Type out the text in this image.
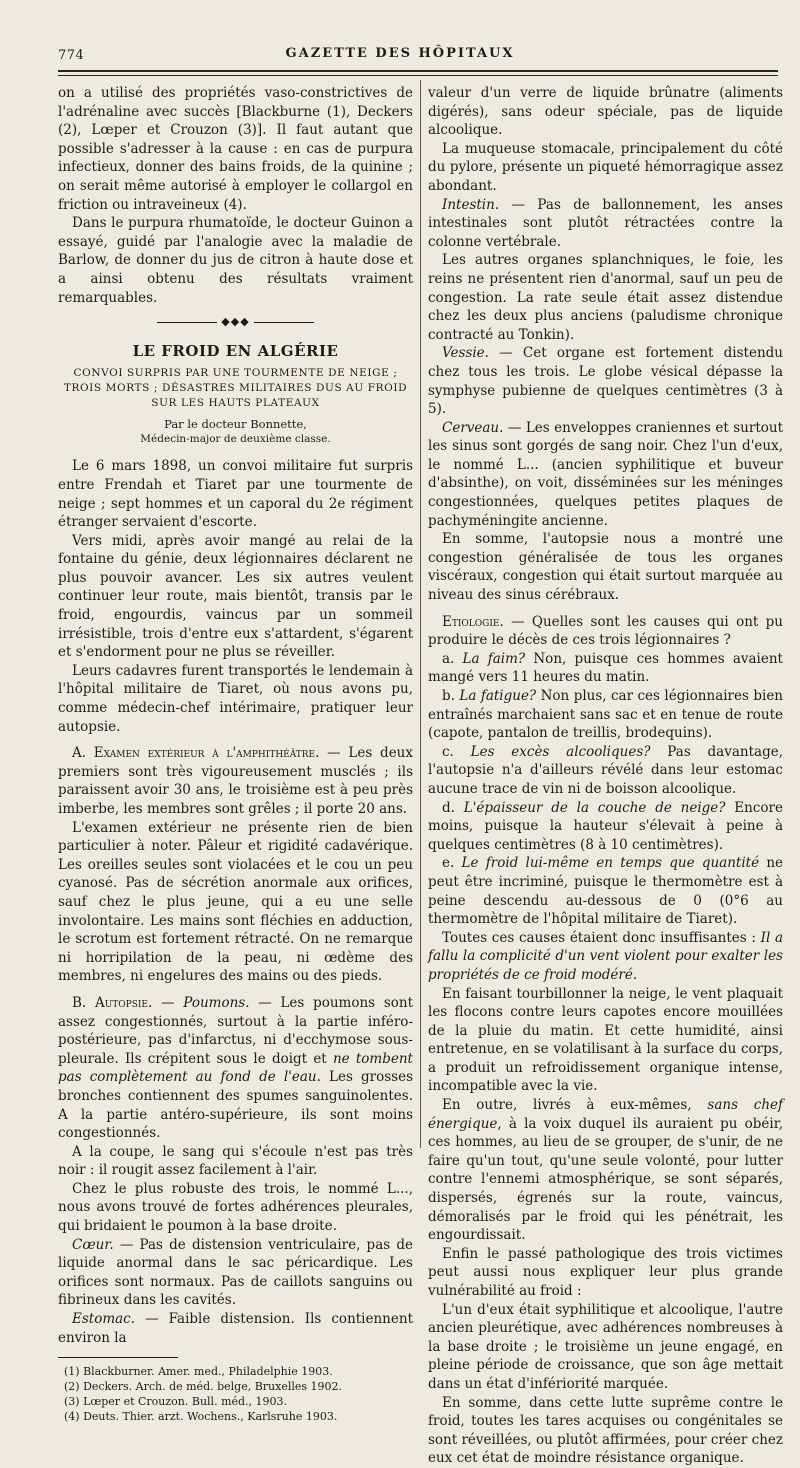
774	GAZETTE DES HÔPITAUX

on a utilisé des propriétés vaso-constrictives de l'adrénaline avec succès [Blackburne (1), Deckers (2), Lœper et Crouzon (3)]. Il faut autant que possible s'adresser à la cause : en cas de purpura infectieux, donner des bains froids, de la quinine ; on serait même autorisé à employer le collargol en friction ou intraveineux (4).

Dans le purpura rhumatoïde, le docteur Guinon a essayé, guidé par l'analogie avec la maladie de Barlow, de donner du jus de citron à haute dose et a ainsi obtenu des résultats vraiment remarquables.

◆◆◆
LE FROID EN ALGÉRIE
CONVOI SURPRIS PAR UNE TOURMENTE DE NEIGE ; TROIS MORTS ; DÉSASTRES MILITAIRES DUS AU FROID SUR LES HAUTS PLATEAUX
Par le docteur Bonnette,
Médecin-major de deuxième classe.

Le 6 mars 1898, un convoi militaire fut surpris entre Frendah et Tiaret par une tourmente de neige ; sept hommes et un caporal du 2e régiment étranger servaient d'escorte.

Vers midi, après avoir mangé au relai de la fontaine du génie, deux légionnaires déclarent ne plus pouvoir avancer. Les six autres veulent continuer leur route, mais bientôt, transis par le froid, engourdis, vaincus par un sommeil irrésistible, trois d'entre eux s'attardent, s'égarent et s'endorment pour ne plus se réveiller.

Leurs cadavres furent transportés le lendemain à l'hôpital militaire de Tiaret, où nous avons pu, comme médecin-chef intérimaire, pratiquer leur autopsie.

A. Examen extérieur à l'amphithéâtre. — Les deux premiers sont très vigoureusement musclés ; ils paraissent avoir 30 ans, le troisième est à peu près imberbe, les membres sont grêles ; il porte 20 ans.

L'examen extérieur ne présente rien de bien particulier à noter. Pâleur et rigidité cadavérique. Les oreilles seules sont violacées et le cou un peu cyanosé. Pas de sécrétion anormale aux orifices, sauf chez le plus jeune, qui a eu une selle involontaire. Les mains sont fléchies en adduction, le scrotum est fortement rétracté. On ne remarque ni horripilation de la peau, ni œdème des membres, ni engelures des mains ou des pieds.

B. Autopsie. — Poumons. — Les poumons sont assez congestionnés, surtout à la partie inféro-postérieure, pas d'infarctus, ni d'ecchymose sous-pleurale. Ils crépitent sous le doigt et ne tombent pas complètement au fond de l'eau. Les grosses bronches contiennent des spumes sanguinolentes. A la partie antéro-supérieure, ils sont moins congestionnés.

A la coupe, le sang qui s'écoule n'est pas très noir : il rougit assez facilement à l'air.

Chez le plus robuste des trois, le nommé L..., nous avons trouvé de fortes adhérences pleurales, qui bridaient le poumon à la base droite.

Cœur. — Pas de distension ventriculaire, pas de liquide anormal dans le sac péricardique. Les orifices sont normaux. Pas de caillots sanguins ou fibrineux dans les cavités.

Estomac. — Faible distension. Ils contiennent environ la

(1) Blackburner. Amer. med., Philadelphie 1903.

(2) Deckers. Arch. de méd. belge, Bruxelles 1902.

(3) Lœper et Crouzon. Bull. méd., 1903.

(4) Deuts. Thier. arzt. Wochens., Karlsruhe 1903.

valeur d'un verre de liquide brûnatre (aliments digérés), sans odeur spéciale, pas de liquide alcoolique.

La muqueuse stomacale, principalement du côté du pylore, présente un piqueté hémorragique assez abondant.

Intestin. — Pas de ballonnement, les anses intestinales sont plutôt rétractées contre la colonne vertébrale.

Les autres organes splanchniques, le foie, les reins ne présentent rien d'anormal, sauf un peu de congestion. La rate seule était assez distendue chez les deux plus anciens (paludisme chronique contracté au Tonkin).

Vessie. — Cet organe est fortement distendu chez tous les trois. Le globe vésical dépasse la symphyse pubienne de quelques centimètres (3 à 5).

Cerveau. — Les enveloppes craniennes et surtout les sinus sont gorgés de sang noir. Chez l'un d'eux, le nommé L... (ancien syphilitique et buveur d'absinthe), on voit, disséminées sur les méninges congestionnées, quelques petites plaques de pachyméningite ancienne.

En somme, l'autopsie nous a montré une congestion généralisée de tous les organes viscéraux, congestion qui était surtout marquée au niveau des sinus cérébraux.

Etiologie. — Quelles sont les causes qui ont pu produire le décès de ces trois légionnaires ?

a. La faim? Non, puisque ces hommes avaient mangé vers 11 heures du matin.

b. La fatigue? Non plus, car ces légionnaires bien entraînés marchaient sans sac et en tenue de route (capote, pantalon de treillis, brodequins).

c. Les excès alcooliques? Pas davantage, l'autopsie n'a d'ailleurs révélé dans leur estomac aucune trace de vin ni de boisson alcoolique.

d. L'épaisseur de la couche de neige? Encore moins, puisque la hauteur s'élevait à peine à quelques centimètres (8 à 10 centimètres).

e. Le froid lui-même en temps que quantité ne peut être incriminé, puisque le thermomètre est à peine descendu au-dessous de 0 (0°6 au thermomètre de l'hôpital militaire de Tiaret).

Toutes ces causes étaient donc insuffisantes : Il a fallu la complicité d'un vent violent pour exalter les propriétés de ce froid modéré.

En faisant tourbillonner la neige, le vent plaquait les flocons contre leurs capotes encore mouillées de la pluie du matin. Et cette humidité, ainsi entretenue, en se volatilisant à la surface du corps, a produit un refroidissement organique intense, incompatible avec la vie.

En outre, livrés à eux-mêmes, sans chef énergique, à la voix duquel ils auraient pu obéir, ces hommes, au lieu de se grouper, de s'unir, de ne faire qu'un tout, qu'une seule volonté, pour lutter contre l'ennemi atmosphérique, se sont séparés, dispersés, égrenés sur la route, vaincus, démoralisés par le froid qui les pénétrait, les engourdissait.

Enfin le passé pathologique des trois victimes peut aussi nous expliquer leur plus grande vulnérabilité au froid :

L'un d'eux était syphilitique et alcoolique, l'autre ancien pleurétique, avec adhérences nombreuses à la base droite ; le troisième un jeune engagé, en pleine période de croissance, que son âge mettait dans un état d'infériorité marquée.

En somme, dans cette lutte suprême contre le froid, toutes les tares acquises ou congénitales se sont réveillées, ou plutôt affirmées, pour créer chez eux cet état de moindre résistance organique.
